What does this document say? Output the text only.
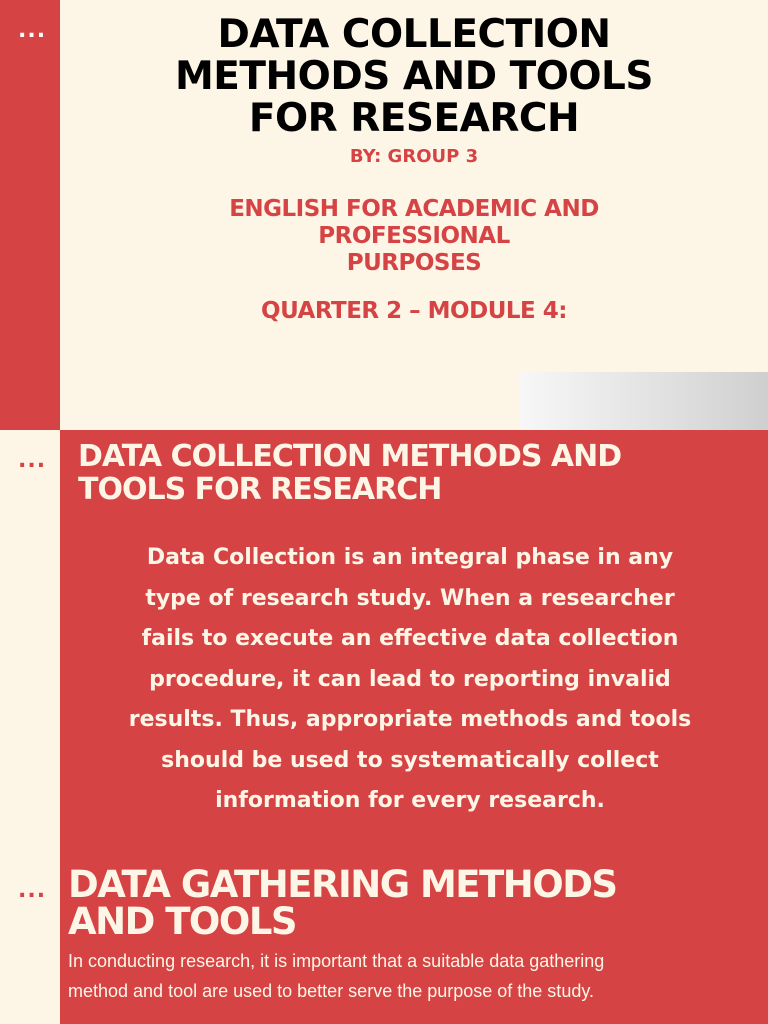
...
...
...
DATA COLLECTION
METHODS AND TOOLS
FOR RESEARCH

BY: GROUP 3

ENGLISH FOR ACADEMIC AND
PROFESSIONAL
PURPOSES

QUARTER 2 – MODULE 4:

DATA COLLECTION METHODS AND
TOOLS FOR RESEARCH

Data Collection is an integral phase in any
type of research study. When a researcher
fails to execute an effective data collection
procedure, it can lead to reporting invalid
results. Thus, appropriate methods and tools
should be used to systematically collect
information for every research.

DATA GATHERING METHODS
AND TOOLS

In conducting research, it is important that a suitable data gathering
method and tool are used to better serve the purpose of the study.
